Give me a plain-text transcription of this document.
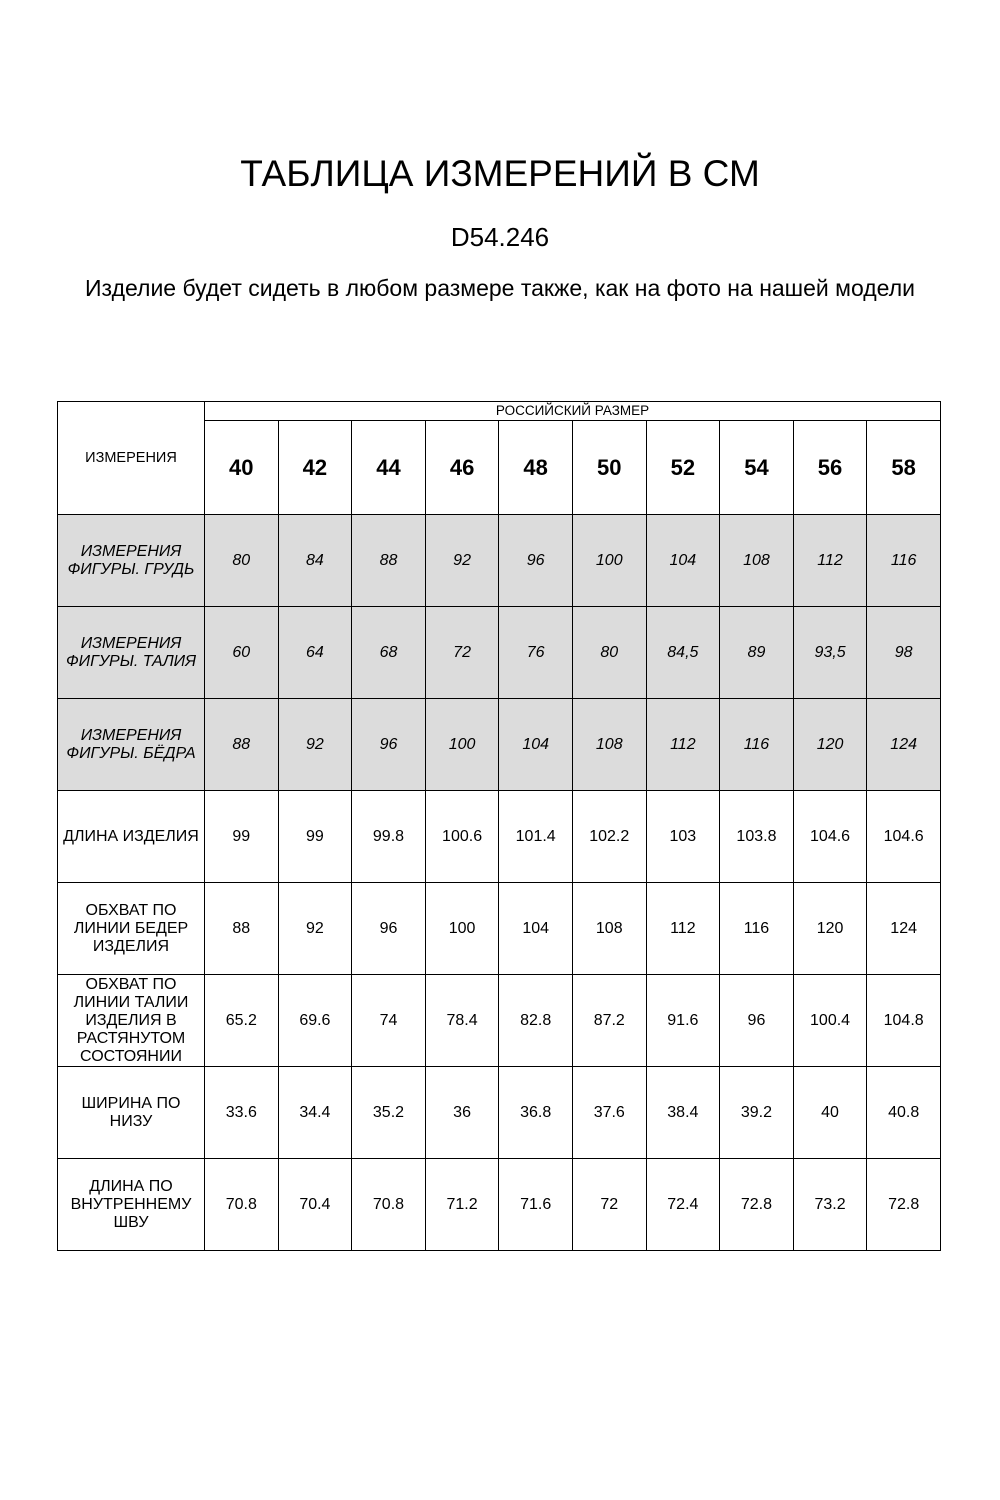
ТАБЛИЦА ИЗМЕРЕНИЙ В СМ
D54.246
Изделие будет сидеть в любом размере также, как на фото на нашей модели
ИЗМЕРЕНИЯ	РОССИЙСКИЙ РАЗМЕР									
	40	42	44	46	48	50	52	54	56	58
ИЗМЕРЕНИЯ ФИГУРЫ. ГРУДЬ	80	84	88	92	96	100	104	108	112	116
ИЗМЕРЕНИЯ ФИГУРЫ. ТАЛИЯ	60	64	68	72	76	80	84,5	89	93,5	98
ИЗМЕРЕНИЯ ФИГУРЫ. БЁДРА	88	92	96	100	104	108	112	116	120	124
ДЛИНА ИЗДЕЛИЯ	99	99	99.8	100.6	101.4	102.2	103	103.8	104.6	104.6
ОБХВАТ ПО ЛИНИИ БЕДЕР ИЗДЕЛИЯ	88	92	96	100	104	108	112	116	120	124
ОБХВАТ ПО ЛИНИИ ТАЛИИ ИЗДЕЛИЯ В РАСТЯНУТОМ СОСТОЯНИИ	65.2	69.6	74	78.4	82.8	87.2	91.6	96	100.4	104.8
ШИРИНА ПО НИЗУ	33.6	34.4	35.2	36	36.8	37.6	38.4	39.2	40	40.8
ДЛИНА ПО ВНУТРЕННЕМУ ШВУ	70.8	70.4	70.8	71.2	71.6	72	72.4	72.8	73.2	72.8
